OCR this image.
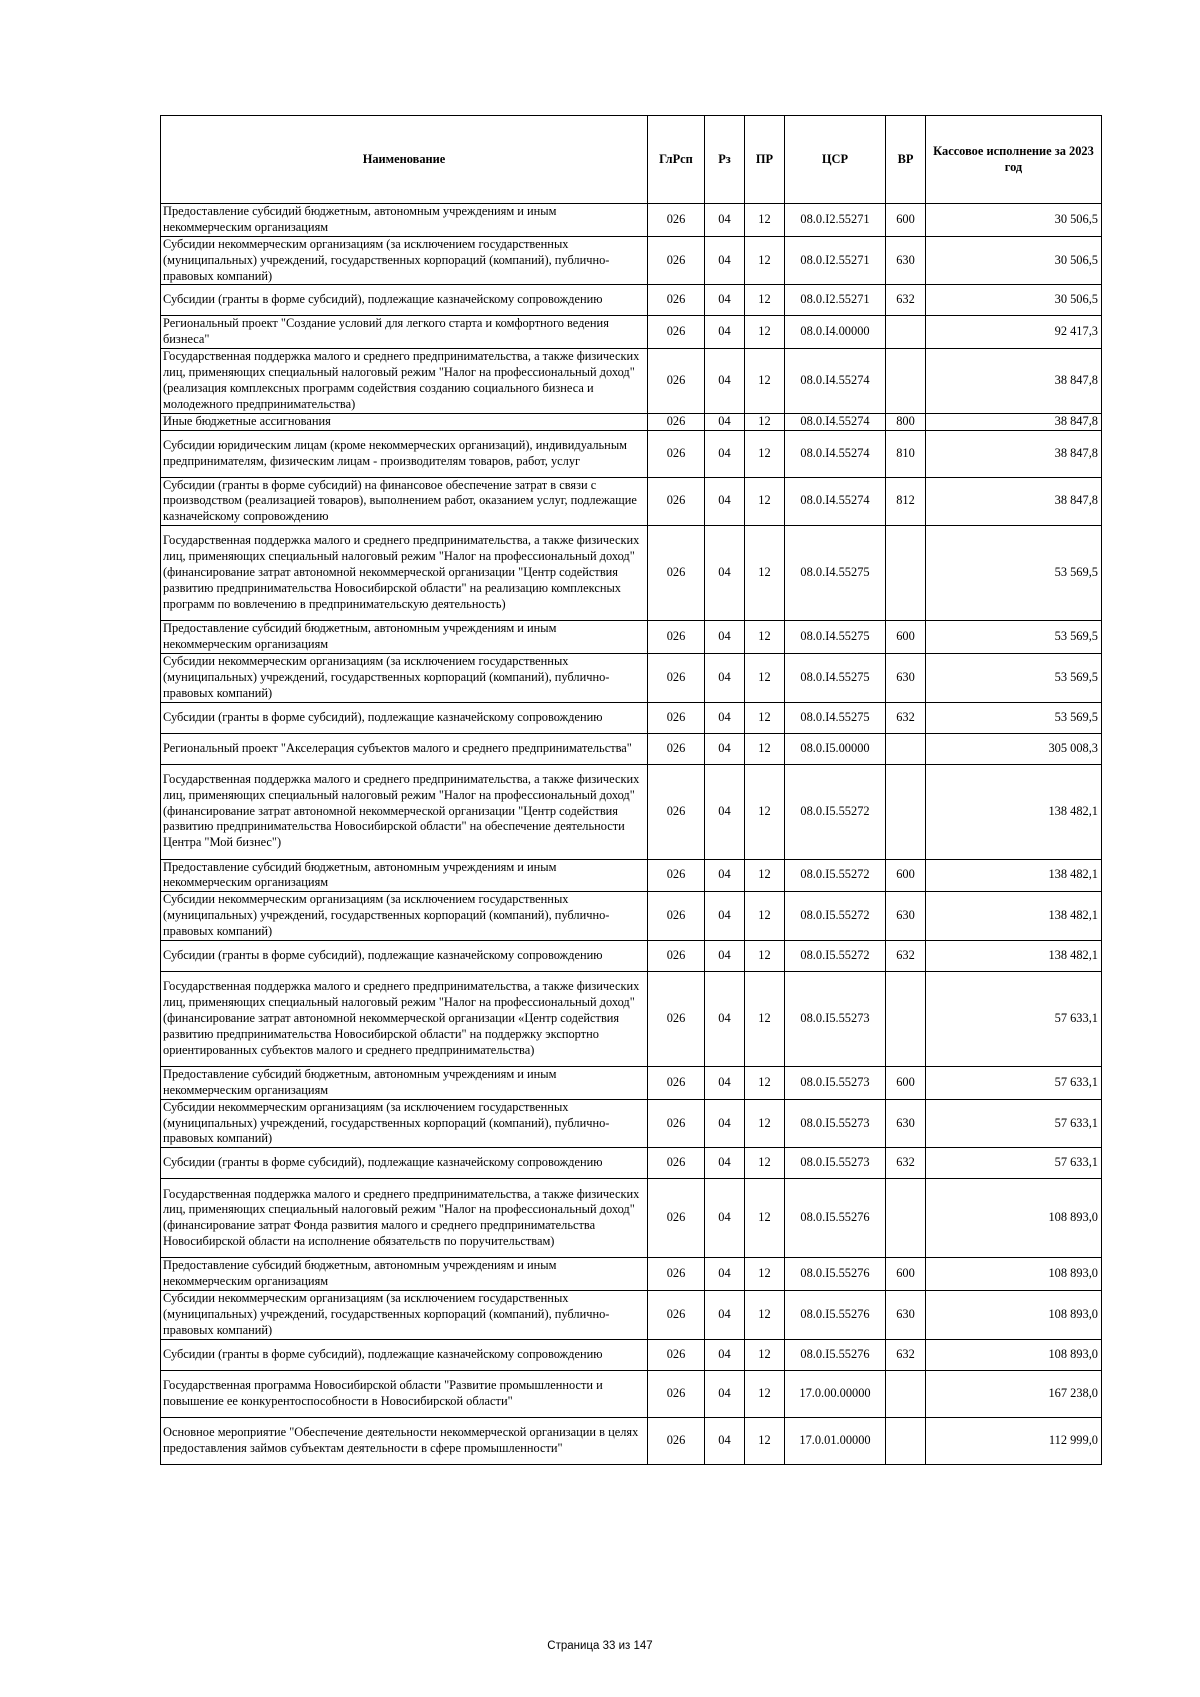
Наименование	ГлРсп	Рз	ПР	ЦСР	ВР	Кассовое исполнение за 2023 год
Предоставление субсидий бюджетным, автономным учреждениям и иным некоммерческим организациям	026	04	12	08.0.I2.55271	600	30 506,5
Субсидии некоммерческим организациям (за исключением государственных (муниципальных) учреждений, государственных корпораций (компаний), публично-правовых компаний)	026	04	12	08.0.I2.55271	630	30 506,5
Субсидии (гранты в форме субсидий), подлежащие казначейскому сопровождению	026	04	12	08.0.I2.55271	632	30 506,5
Региональный проект "Создание условий для легкого старта и комфортного ведения бизнеса"	026	04	12	08.0.I4.00000		92 417,3
Государственная поддержка малого и среднего предпринимательства, а также физических лиц, применяющих специальный налоговый режим "Налог на профессиональный доход" (реализация комплексных программ содействия созданию социального бизнеса и молодежного предпринимательства)	026	04	12	08.0.I4.55274		38 847,8
Иные бюджетные ассигнования	026	04	12	08.0.I4.55274	800	38 847,8
Субсидии юридическим лицам (кроме некоммерческих организаций), индивидуальным предпринимателям, физическим лицам - производителям товаров, работ, услуг	026	04	12	08.0.I4.55274	810	38 847,8
Субсидии (гранты в форме субсидий) на финансовое обеспечение затрат в связи с производством (реализацией товаров), выполнением работ, оказанием услуг, подлежащие казначейскому сопровождению	026	04	12	08.0.I4.55274	812	38 847,8
Государственная поддержка малого и среднего предпринимательства, а также физических лиц, применяющих специальный налоговый режим "Налог на профессиональный доход" (финансирование затрат автономной некоммерческой организации "Центр содействия развитию предпринимательства Новосибирской области" на реализацию комплексных программ по вовлечению в предпринимательскую деятельность)	026	04	12	08.0.I4.55275		53 569,5
Предоставление субсидий бюджетным, автономным учреждениям и иным некоммерческим организациям	026	04	12	08.0.I4.55275	600	53 569,5
Субсидии некоммерческим организациям (за исключением государственных (муниципальных) учреждений, государственных корпораций (компаний), публично-правовых компаний)	026	04	12	08.0.I4.55275	630	53 569,5
Субсидии (гранты в форме субсидий), подлежащие казначейскому сопровождению	026	04	12	08.0.I4.55275	632	53 569,5
Региональный проект "Акселерация субъектов малого и среднего предпринимательства"	026	04	12	08.0.I5.00000		305 008,3
Государственная поддержка малого и среднего предпринимательства, а также физических лиц, применяющих специальный налоговый режим "Налог на профессиональный доход" (финансирование затрат автономной некоммерческой организации "Центр содействия развитию предпринимательства Новосибирской области" на обеспечение деятельности Центра "Мой бизнес")	026	04	12	08.0.I5.55272		138 482,1
Предоставление субсидий бюджетным, автономным учреждениям и иным некоммерческим организациям	026	04	12	08.0.I5.55272	600	138 482,1
Субсидии некоммерческим организациям (за исключением государственных (муниципальных) учреждений, государственных корпораций (компаний), публично-правовых компаний)	026	04	12	08.0.I5.55272	630	138 482,1
Субсидии (гранты в форме субсидий), подлежащие казначейскому сопровождению	026	04	12	08.0.I5.55272	632	138 482,1
Государственная поддержка малого и среднего предпринимательства, а также физических лиц, применяющих специальный налоговый режим "Налог на профессиональный доход" (финансирование затрат автономной некоммерческой организации «Центр содействия развитию предпринимательства Новосибирской области" на поддержку экспортно ориентированных субъектов малого и среднего предпринимательства)	026	04	12	08.0.I5.55273		57 633,1
Предоставление субсидий бюджетным, автономным учреждениям и иным некоммерческим организациям	026	04	12	08.0.I5.55273	600	57 633,1
Субсидии некоммерческим организациям (за исключением государственных (муниципальных) учреждений, государственных корпораций (компаний), публично-правовых компаний)	026	04	12	08.0.I5.55273	630	57 633,1
Субсидии (гранты в форме субсидий), подлежащие казначейскому сопровождению	026	04	12	08.0.I5.55273	632	57 633,1
Государственная поддержка малого и среднего предпринимательства, а также физических лиц, применяющих специальный налоговый режим "Налог на профессиональный доход" (финансирование затрат Фонда развития малого и среднего предпринимательства Новосибирской области на исполнение обязательств по поручительствам)	026	04	12	08.0.I5.55276		108 893,0
Предоставление субсидий бюджетным, автономным учреждениям и иным некоммерческим организациям	026	04	12	08.0.I5.55276	600	108 893,0
Субсидии некоммерческим организациям (за исключением государственных (муниципальных) учреждений, государственных корпораций (компаний), публично-правовых компаний)	026	04	12	08.0.I5.55276	630	108 893,0
Субсидии (гранты в форме субсидий), подлежащие казначейскому сопровождению	026	04	12	08.0.I5.55276	632	108 893,0
Государственная программа Новосибирской области "Развитие промышленности и повышение ее конкурентоспособности в Новосибирской области"	026	04	12	17.0.00.00000		167 238,0
Основное мероприятие "Обеспечение деятельности некоммерческой организации в целях предоставления займов субъектам деятельности в сфере промышленности"	026	04	12	17.0.01.00000		112 999,0
Страница 33 из 147
